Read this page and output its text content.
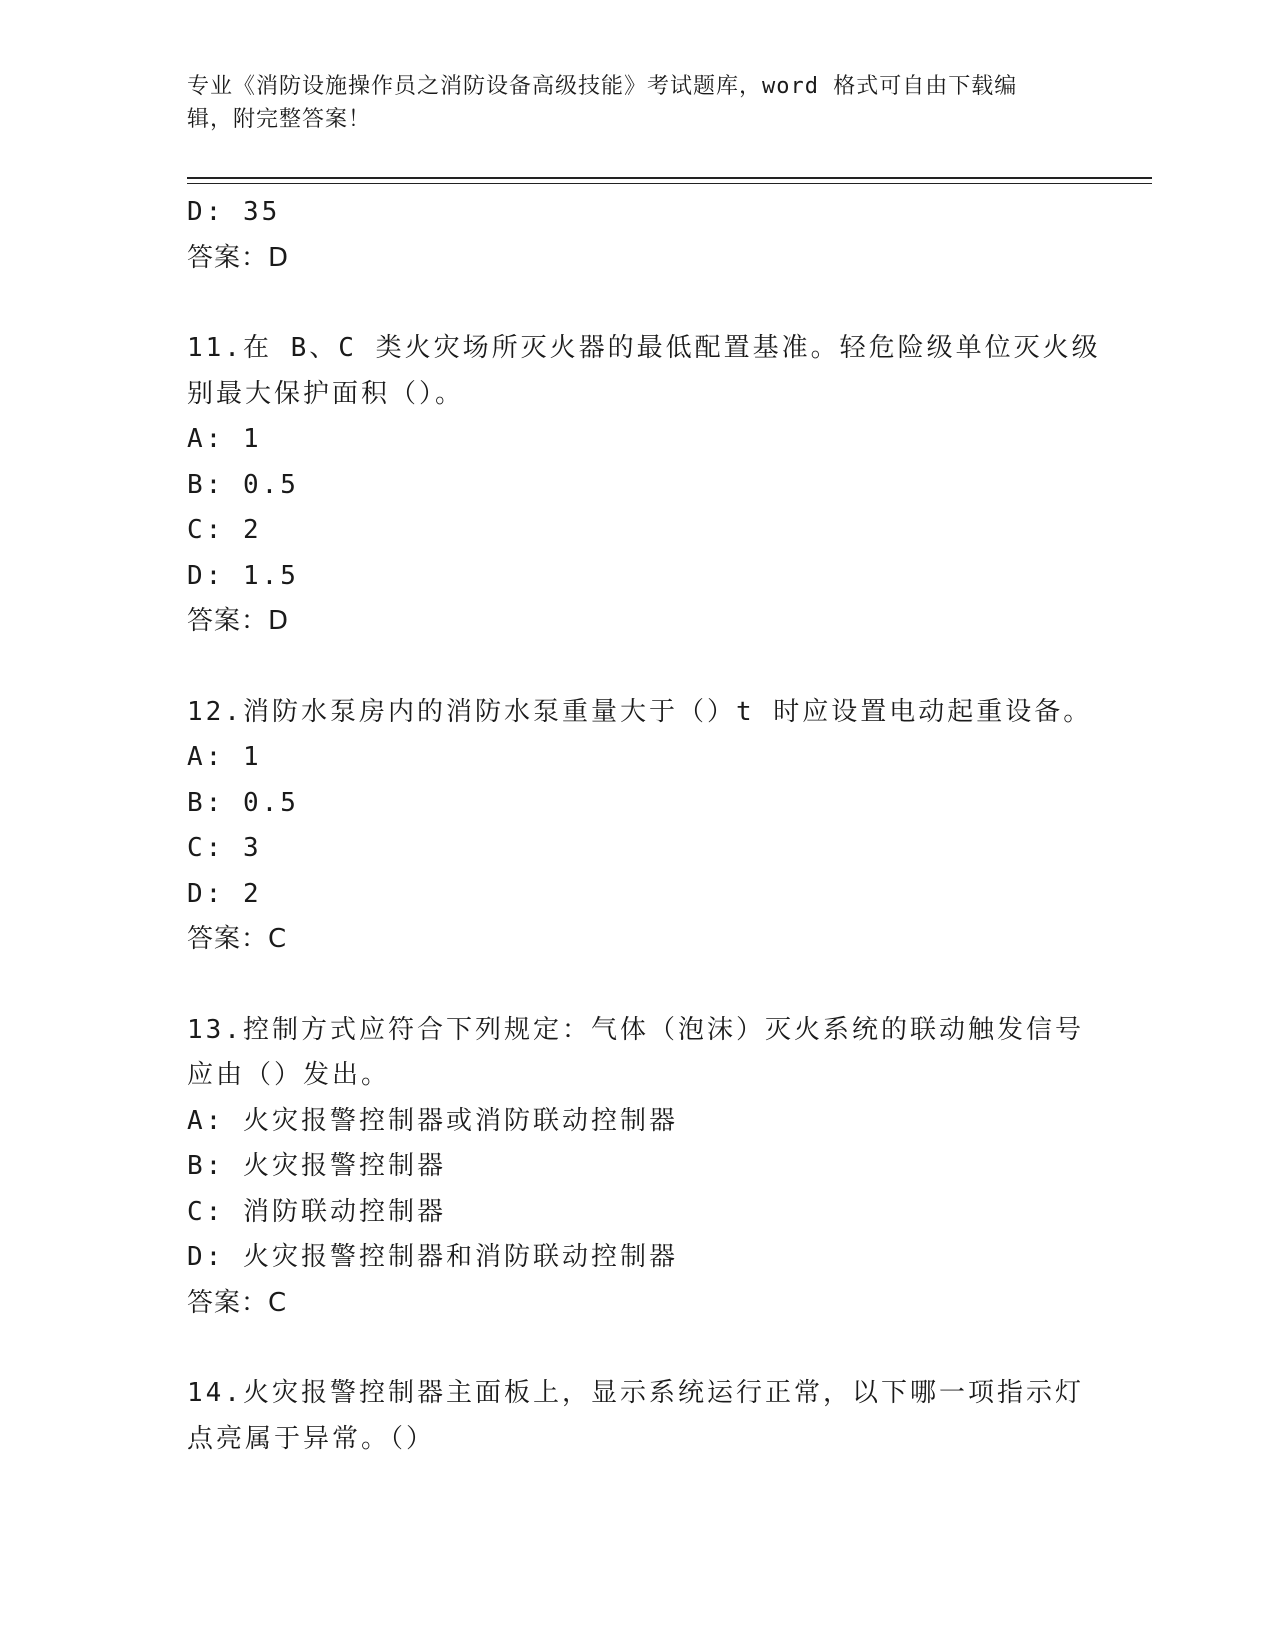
专业《消防设施操作员之消防设备高级技能》考试题库，word 格式可自由下载编
辑，附完整答案！

D: 35

答案：D

11.在 B、C 类火灾场所灭火器的最低配置基准。轻危险级单位灭火级

别最大保护面积（）。

A: 1

B: 0.5

C: 2

D: 1.5

答案：D

12.消防水泵房内的消防水泵重量大于（）t 时应设置电动起重设备。

A: 1

B: 0.5

C: 3

D: 2

答案：C

13.控制方式应符合下列规定：气体（泡沫）灭火系统的联动触发信号

应由（）发出。

A: 火灾报警控制器或消防联动控制器

B: 火灾报警控制器

C: 消防联动控制器

D: 火灾报警控制器和消防联动控制器

答案：C

14.火灾报警控制器主面板上，显示系统运行正常，以下哪一项指示灯

点亮属于异常。（）
